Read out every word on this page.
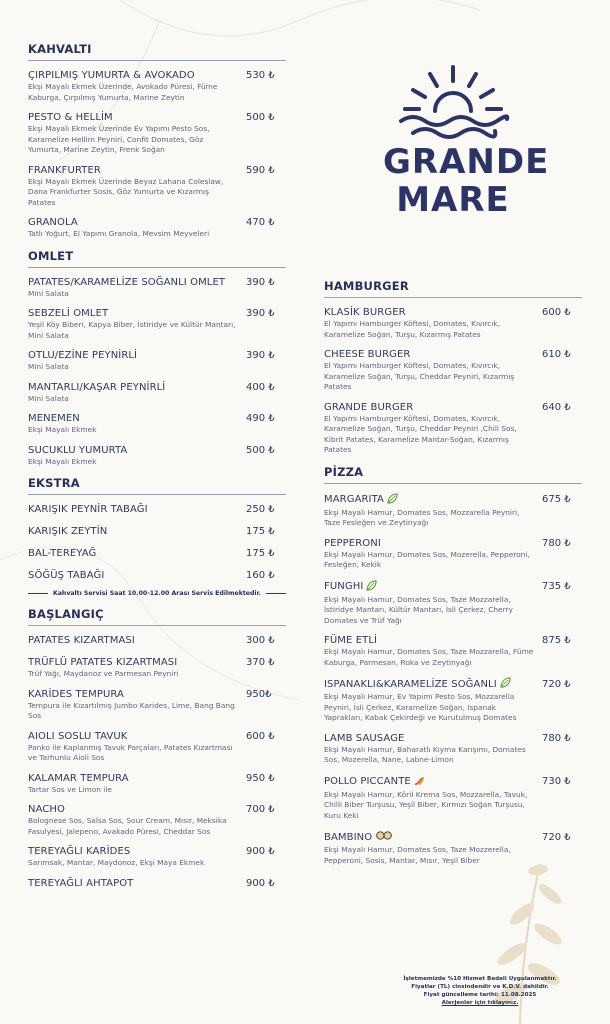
GRANDE
MARE
KAHVALTI
ÇIRPILMIŞ YUMURTA & AVOKADO	530 ₺
Ekşi Mayalı Ekmek Üzerinde, Avokado Püresi, Füme Kaburga, Çırpılmış Yumurta, Marine Zeytin
PESTO & HELLİM	500 ₺
Ekşi Mayalı Ekmek Üzerinde Ev Yapımı Pesto Sos, Karamelize Hellim Peyniri, Confit Domates, Göz Yumurta, Marine Zeytin, Frenk Soğan
FRANKFURTER	590 ₺
Ekşi Mayalı Ekmek Üzerinde Beyaz Lahana Coleslaw, Dana Frankfurter Sosis, Göz Yumurta ve Kızarmış Patates
GRANOLA	470 ₺
Tatlı Yoğurt, El Yapımı Granola, Mevsim Meyveleri
OMLET
PATATES/KARAMELİZE SOĞANLI OMLET 390 ₺
Mini Salata
SEBZELİ OMLET	390 ₺
Yeşil Köy Biberi, Kapya Biber, İstiridye ve Kültür Mantarı, Mini Salata
OTLU/EZİNE PEYNİRLİ	390 ₺
Mini Salata
MANTARLI/KAŞAR PEYNİRLİ	400 ₺
Mini Salata
MENEMEN	490 ₺
Ekşi Mayalı Ekmek
SUCUKLU YUMURTA	500 ₺
Ekşi Mayalı Ekmek
EKSTRA
KARIŞIK PEYNİR TABAĞI	250 ₺
KARIŞIK ZEYTİN	175 ₺
BAL-TEREYAĞ	175 ₺
SÖĞÜŞ TABAĞI	160 ₺
Kahvaltı Servisi Saat 10.00-12.00 Arası Servis Edilmektedir.
BAŞLANGIÇ
PATATES KIZARTMASI	300 ₺
TRÜFLÜ PATATES KIZARTMASI	370 ₺
Trüf Yağı, Maydanoz ve Parmesan Peyniri
KARİDES TEMPURA	950₺
Tempura ile Kızartılmış Jumbo Karides, Lime, Bang Bang Sos
AIOLI SOSLU TAVUK	600 ₺
Panko ile Kaplanmış Tavuk Parçaları, Patates Kızartması ve Tarhunlu Aioli Sos
KALAMAR TEMPURA	950 ₺
Tartar Sos ve Limon ile
NACHO	700 ₺
Bolognese Sos, Salsa Sos, Sour Cream, Mısır, Meksika Fasulyesi, Jalepeno, Avakado Püresi, Cheddar Sos
TEREYAĞLI KARİDES	900 ₺
Sarımsak, Mantar, Maydonoz, Ekşi Maya Ekmek
TEREYAĞLI AHTAPOT	900 ₺
HAMBURGER
KLASİK BURGER	600 ₺
El Yapımı Hamburger Köftesi, Domates, Kıvırcık, Karamelize Soğan, Turşu, Kızarmış Patates
CHEESE BURGER	610 ₺
El Yapımı Hamburger Köftesi, Domates, Kıvırcık, Karamelize Soğan, Turşu, Cheddar Peyniri, Kızarmış Patates
GRANDE BURGER	640 ₺
El Yapımı Hamburger Köftesi, Domates, Kıvırcık, Karamelize Soğan, Turşu, Cheddar Peyniri ,Chili Sos, Kibrit Patates, Karamelize Mantar-Soğan, Kızarmış Patates
PİZZA
MARGARITA	675 ₺
Ekşi Mayalı Hamur, Domates Sos, Mozzarella Peyniri, Taze Fesleğen ve Zeytinyağı
PEPPERONI	780 ₺
Ekşi Mayalı Hamur, Domates Sos, Mozerella, Pepperoni, Fesleğen, Kekik
FUNGHI	735 ₺
Ekşi Mayalı Hamur, Domates Sos, Taze Mozzarella, İstiridye Mantarı, Kültür Mantarı, İsli Çerkez, Cherry Domates ve Trüf Yağı
FÜME ETLİ	875 ₺
Ekşi Mayalı Hamur, Domates Sos, Taze Mozzarella, Füme Kaburga, Parmesan, Roka ve Zeytinyağı
ISPANAKLI&KARAMELİZE SOĞANLI	720 ₺
Ekşi Mayalı Hamur, Ev Yapımı Pesto Sos, Mozzarella Peyniri, İsli Çerkez, Karamelize Soğan, Ispanak Yaprakları, Kabak Çekirdeği ve Kurutulmuş Domates
LAMB SAUSAGE	780 ₺
Ekşi Mayalı Hamur, Baharatlı Kıyma Karışımı, Domates Sos, Mozerella, Nane, Labne-Limon
POLLO PICCANTE	730 ₺
Ekşi Mayalı Hamur, Köriİ Krema Sos, Mozzarella, Tavuk, Chilli Biber Turşusu, Yeşil Biber, Kırmızı Soğan Turşusu, Kuru Keki
BAMBINO	720 ₺
Ekşi Mayalı Hamur, Domates Sos, Taze Mozzerella, Pepperoni, Sosis, Mantar, Mısır, Yeşil Biber
İşletmemizde %10 Hizmet Bedeli Uygulanmaktır.
Fiyatlar (TL) cinsindendir ve K.D.V. dahildir.
Fiyat güncelleme tarihi: 11.08.2025
Alerjenler için tıklayınız.
